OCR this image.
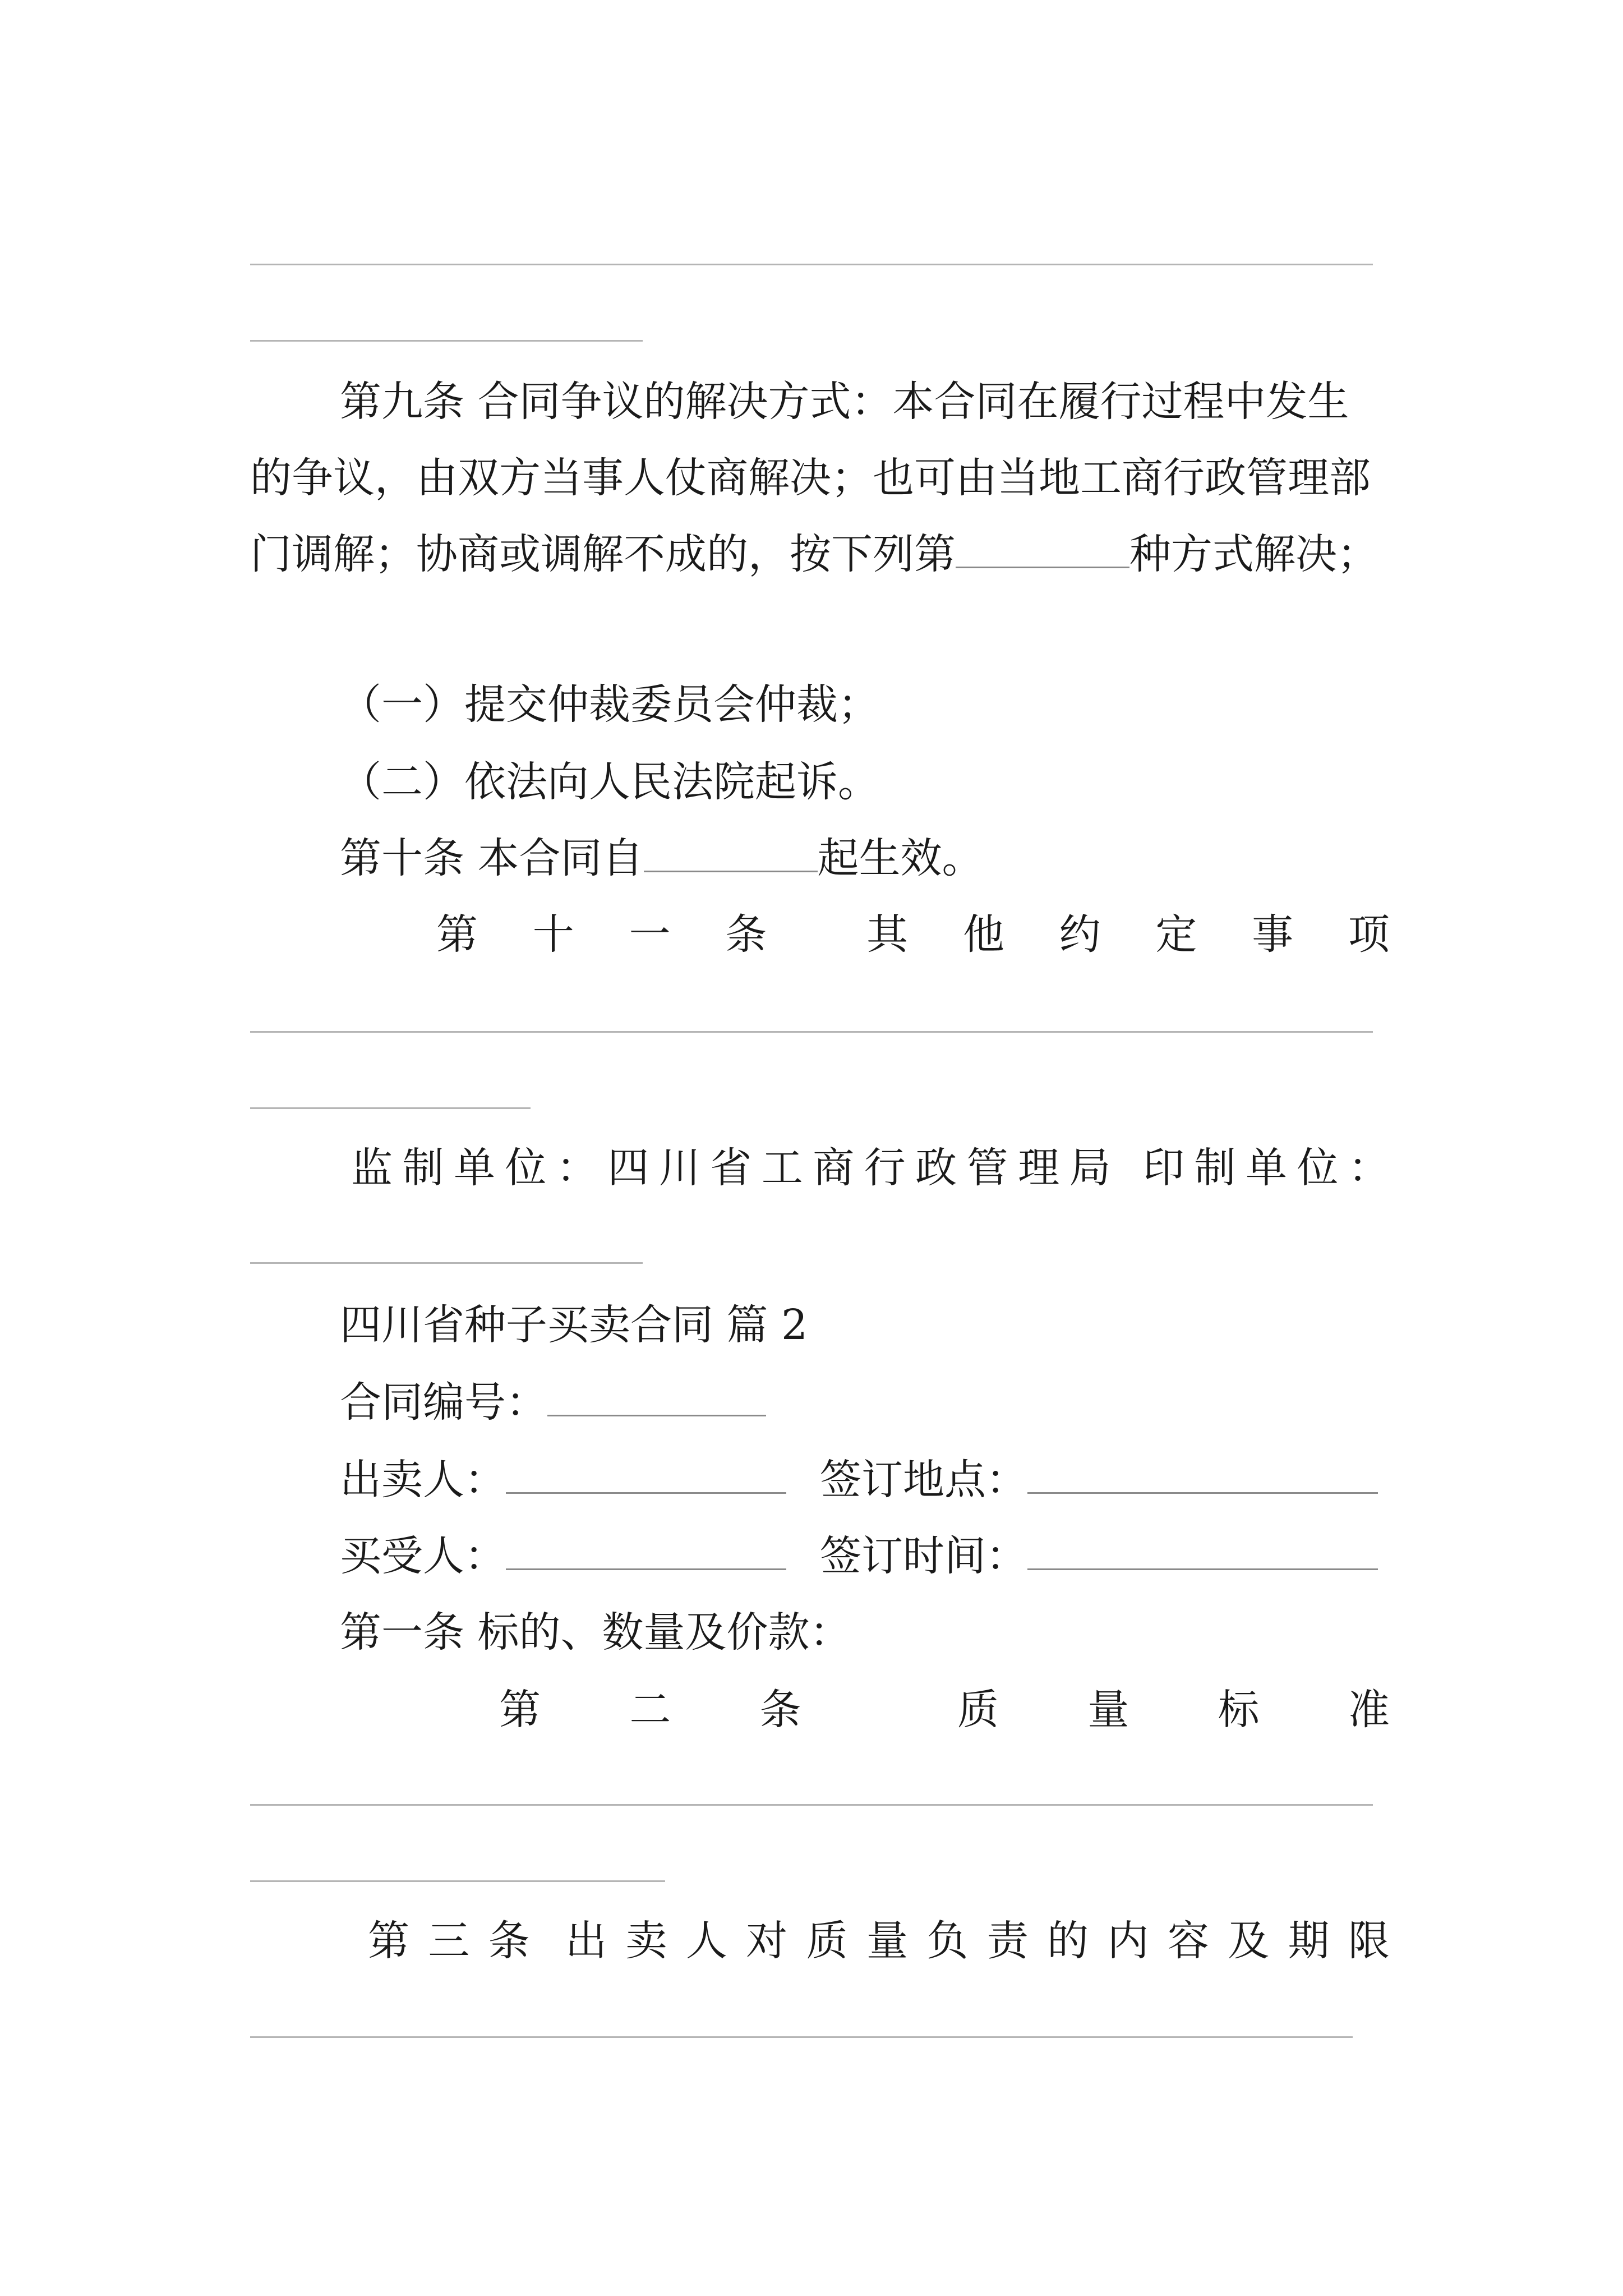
第九条 合同争议的解决方式：本合同在履行过程中发生的争议，由双方当事人仗商解决；也可由当地工商行政管理部门调解；协商或调解不成的，按下列第	种方式解决；
（一）提交仲裁委员会仲裁；
（二）依法向人民法院起诉。
第十条 本合同自	起生效。
第 十 一 条 其 他 约 定 事 项
监 制 单 位 ： 四 川 省 工 商 行 政 管 理 局 印 制 单 位 ：
四川省种子买卖合同 篇 2
合同编号：
出卖人：	签订地点：
买受人：	签订时间：
第一条 标的、数量及价款：
第 二 条	质 量 标 准
第 三 条 出 卖 人 对 质 量 负 责 的 内 容 及 期 限
